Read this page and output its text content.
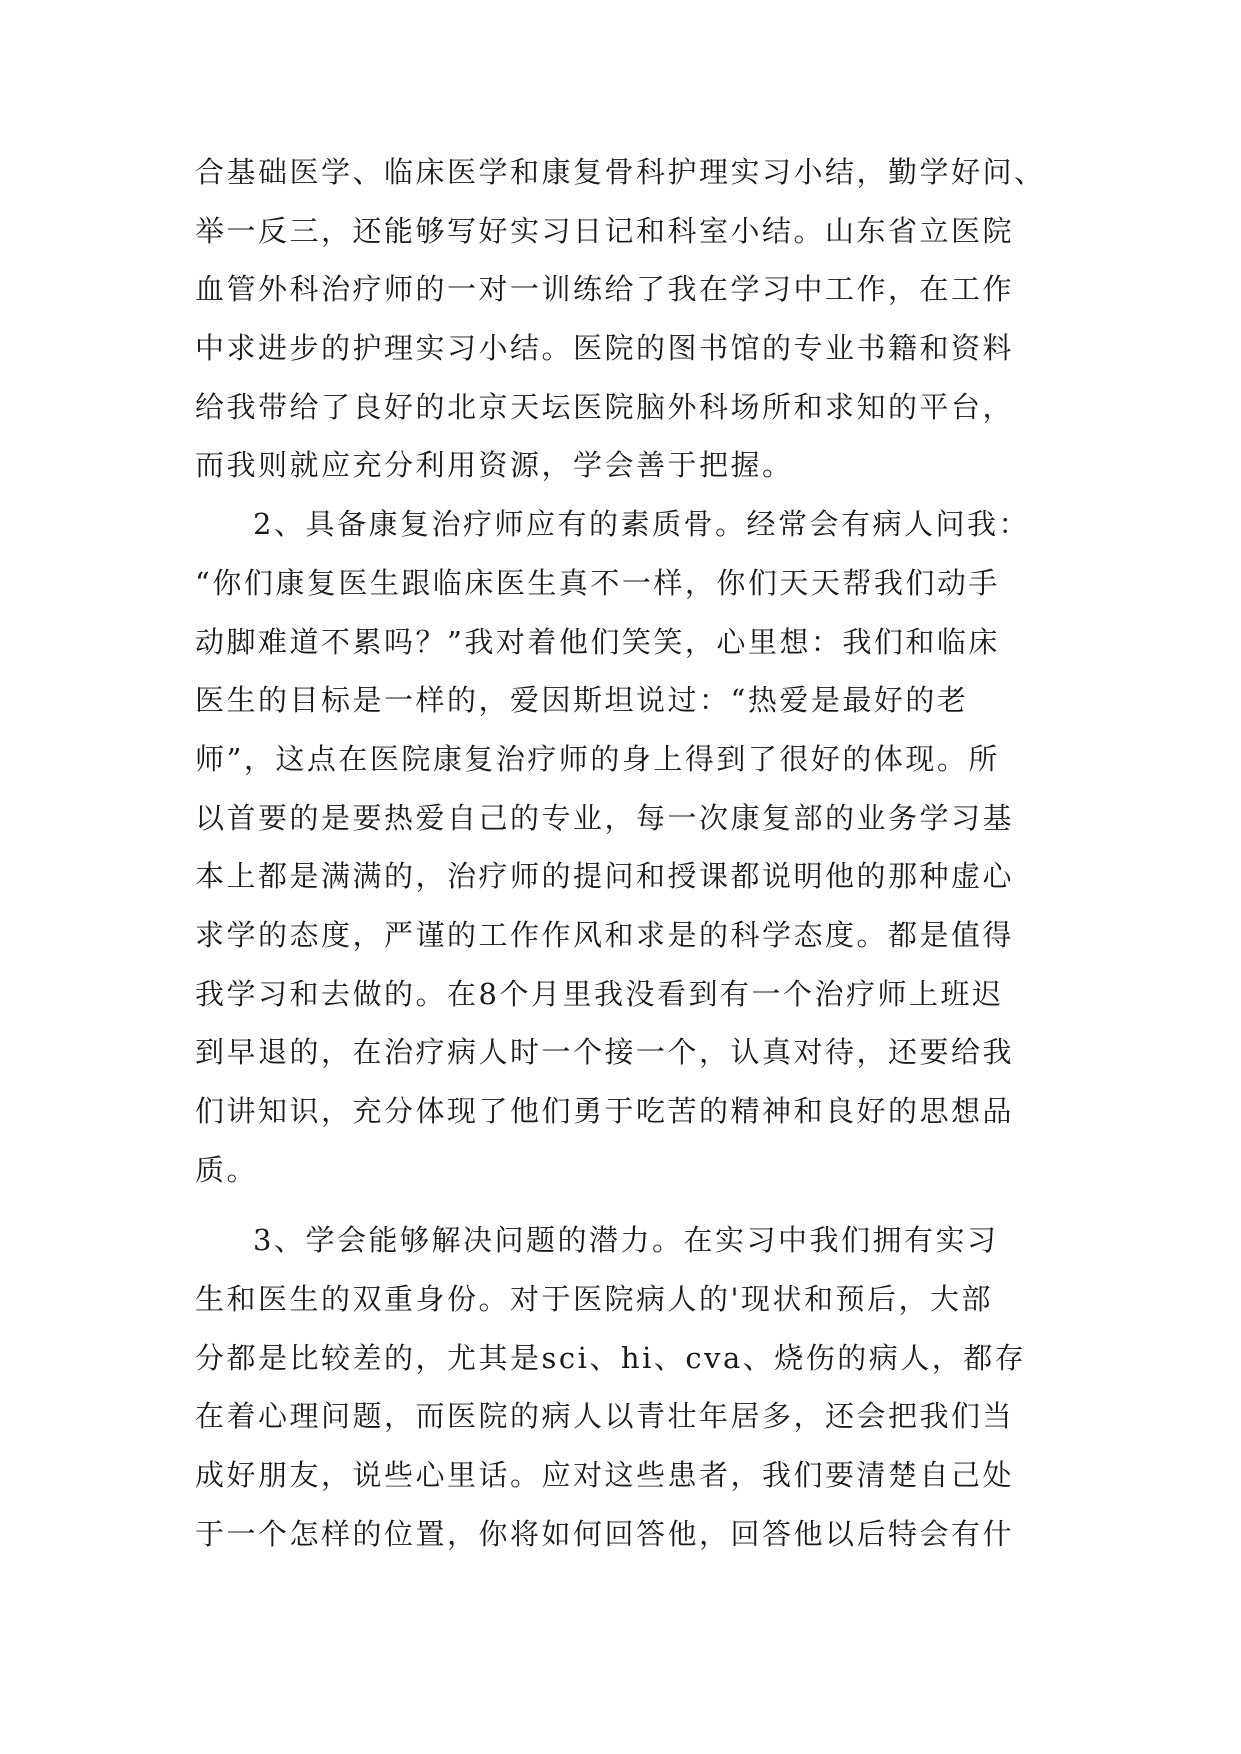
合基础医学、临床医学和康复骨科护理实习小结，勤学好问、
举一反三，还能够写好实习日记和科室小结。山东省立医院
血管外科治疗师的一对一训练给了我在学习中工作，在工作
中求进步的护理实习小结。医院的图书馆的专业书籍和资料
给我带给了良好的北京天坛医院脑外科场所和求知的平台，
而我则就应充分利用资源，学会善于把握。
2、具备康复治疗师应有的素质骨。经常会有病人问我：
“你们康复医生跟临床医生真不一样，你们天天帮我们动手
动脚难道不累吗？”我对着他们笑笑，心里想：我们和临床
医生的目标是一样的，爱因斯坦说过：“热爱是最好的老
师”，这点在医院康复治疗师的身上得到了很好的体现。所
以首要的是要热爱自己的专业，每一次康复部的业务学习基
本上都是满满的，治疗师的提问和授课都说明他的那种虚心
求学的态度，严谨的工作作风和求是的科学态度。都是值得
我学习和去做的。在8个月里我没看到有一个治疗师上班迟
到早退的，在治疗病人时一个接一个，认真对待，还要给我
们讲知识，充分体现了他们勇于吃苦的精神和良好的思想品
质。
3、学会能够解决问题的潜力。在实习中我们拥有实习
生和医生的双重身份。对于医院病人的'现状和预后，大部
分都是比较差的，尤其是sci、hi、cva、烧伤的病人，都存
在着心理问题，而医院的病人以青壮年居多，还会把我们当
成好朋友，说些心里话。应对这些患者，我们要清楚自己处
于一个怎样的位置，你将如何回答他，回答他以后特会有什
